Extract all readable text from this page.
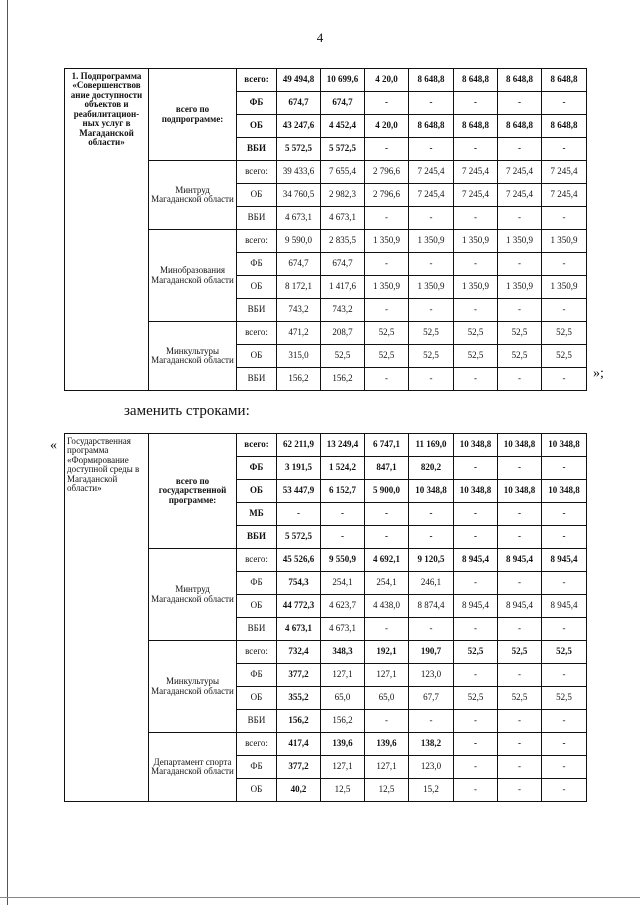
4
1. Подпрограмма «Совершенствов ание доступности объектов и реабилитацион-ных услуг в Магаданской области»	всего по подпрограмме:	всего:	49 494,8	10 699,6	4 20,0	8 648,8	8 648,8	8 648,8	8 648,8
		ФБ	674,7	674,7	-	-	-	-	-
		ОБ	43 247,6	4 452,4	4 20,0	8 648,8	8 648,8	8 648,8	8 648,8
		ВБИ	5 572,5	5 572,5	-	-	-	-	-
	Минтруд Магаданской области	всего:	39 433,6	7 655,4	2 796,6	7 245,4	7 245,4	7 245,4	7 245,4
		ОБ	34 760,5	2 982,3	2 796,6	7 245,4	7 245,4	7 245,4	7 245,4
		ВБИ	4 673,1	4 673,1	-	-	-	-	-
	Минобразования Магаданской области	всего:	9 590,0	2 835,5	1 350,9	1 350,9	1 350,9	1 350,9	1 350,9
		ФБ	674,7	674,7	-	-	-	-	-
		ОБ	8 172,1	1 417,6	1 350,9	1 350,9	1 350,9	1 350,9	1 350,9
		ВБИ	743,2	743,2	-	-	-	-	-
	Минкультуры Магаданской области	всего:	471,2	208,7	52,5	52,5	52,5	52,5	52,5
		ОБ	315,0	52,5	52,5	52,5	52,5	52,5	52,5
		ВБИ	156,2	156,2	-	-	-	-	- »;
заменить строками:
« Государственная программа «Формирование доступной среды в Магаданской области»	всего по государственной программе:	всего:	62 211,9	13 249,4	6 747,1	11 169,0	10 348,8	10 348,8	10 348,8
		ФБ	3 191,5	1 524,2	847,1	820,2	-	-	-
		ОБ	53 447,9	6 152,7	5 900,0	10 348,8	10 348,8	10 348,8	10 348,8
		МБ	-	-	-	-	-	-	-
		ВБИ	5 572,5	-	-	-	-	-	-
	Минтруд Магаданской области	всего:	45 526,6	9 550,9	4 692,1	9 120,5	8 945,4	8 945,4	8 945,4
		ФБ	754,3	254,1	254,1	246,1	-	-	-
		ОБ	44 772,3	4 623,7	4 438,0	8 874,4	8 945,4	8 945,4	8 945,4
		ВБИ	4 673,1	4 673,1	-	-	-	-	-
	Минкультуры Магаданской области	всего:	732,4	348,3	192,1	190,7	52,5	52,5	52,5
		ФБ	377,2	127,1	127,1	123,0	-	-	-
		ОБ	355,2	65,0	65,0	67,7	52,5	52,5	52,5
		ВБИ	156,2	156,2	-	-	-	-	-
	Департамент спорта Магаданской области	всего:	417,4	139,6	139,6	138,2	-	-	-
		ФБ	377,2	127,1	127,1	123,0	-	-	-
		ОБ	40,2	12,5	12,5	15,2	-	-	-
